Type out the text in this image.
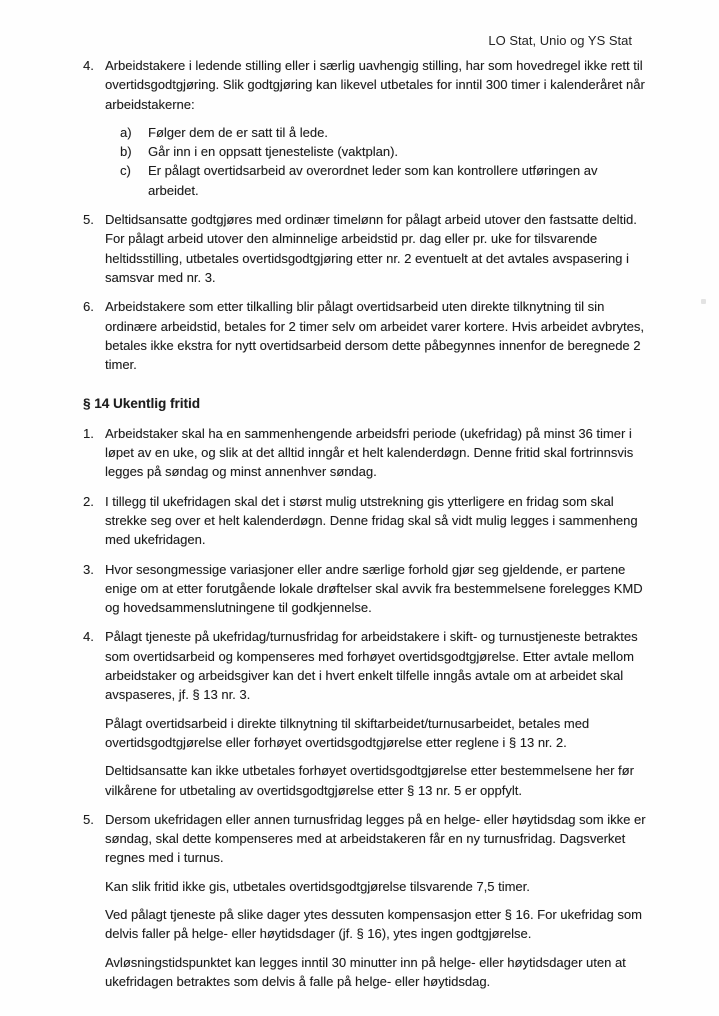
LO Stat, Unio og YS Stat
4. Arbeidstakere i ledende stilling eller i særlig uavhengig stilling, har som hovedregel ikke rett til overtidsgodtgjøring. Slik godtgjøring kan likevel utbetales for inntil 300 timer i kalenderåret når arbeidstakerne:

a)	Følger dem de er satt til å lede.

b)	Går inn i en oppsatt tjenesteliste (vaktplan).

c)	Er pålagt overtidsarbeid av overordnet leder som kan kontrollere utføringen av arbeidet.

5. Deltidsansatte godtgjøres med ordinær timelønn for pålagt arbeid utover den fastsatte deltid. For pålagt arbeid utover den alminnelige arbeidstid pr. dag eller pr. uke for tilsvarende heltidsstilling, utbetales overtidsgodtgjøring etter nr. 2 eventuelt at det avtales avspasering i samsvar med nr. 3.

6. Arbeidstakere som etter tilkalling blir pålagt overtidsarbeid uten direkte tilknytning til sin ordinære arbeidstid, betales for 2 timer selv om arbeidet varer kortere. Hvis arbeidet avbrytes, betales ikke ekstra for nytt overtidsarbeid dersom dette påbegynnes innenfor de beregnede 2 timer.

§ 14 Ukentlig fritid
1. Arbeidstaker skal ha en sammenhengende arbeidsfri periode (ukefridag) på minst 36 timer i løpet av en uke, og slik at det alltid inngår et helt kalenderdøgn. Denne fritid skal fortrinnsvis legges på søndag og minst annenhver søndag.

2. I tillegg til ukefridagen skal det i størst mulig utstrekning gis ytterligere en fridag som skal strekke seg over et helt kalenderdøgn. Denne fridag skal så vidt mulig legges i sammenheng med ukefridagen.

3. Hvor sesongmessige variasjoner eller andre særlige forhold gjør seg gjeldende, er partene enige om at etter forutgående lokale drøftelser skal avvik fra bestemmelsene forelegges KMD og hovedsammenslutningene til godkjennelse.

4. Pålagt tjeneste på ukefridag/turnusfridag for arbeidstakere i skift- og turnustjeneste betraktes som overtidsarbeid og kompenseres med forhøyet overtidsgodtgjørelse. Etter avtale mellom arbeidstaker og arbeidsgiver kan det i hvert enkelt tilfelle inngås avtale om at arbeidet skal avspaseres, jf. § 13 nr. 3.

Pålagt overtidsarbeid i direkte tilknytning til skiftarbeidet/turnusarbeidet, betales med overtidsgodtgjørelse eller forhøyet overtidsgodtgjørelse etter reglene i § 13 nr. 2.

Deltidsansatte kan ikke utbetales forhøyet overtidsgodtgjørelse etter bestemmelsene her før vilkårene for utbetaling av overtidsgodtgjørelse etter § 13 nr. 5 er oppfylt.

5. Dersom ukefridagen eller annen turnusfridag legges på en helge- eller høytidsdag som ikke er søndag, skal dette kompenseres med at arbeidstakeren får en ny turnusfridag. Dagsverket regnes med i turnus.

Kan slik fritid ikke gis, utbetales overtidsgodtgjørelse tilsvarende 7,5 timer.

Ved pålagt tjeneste på slike dager ytes dessuten kompensasjon etter § 16. For ukefridag som delvis faller på helge- eller høytidsdager (jf. § 16), ytes ingen godtgjørelse.

Avløsningstidspunktet kan legges inntil 30 minutter inn på helge- eller høytidsdager uten at ukefridagen betraktes som delvis å falle på helge- eller høytidsdag.
